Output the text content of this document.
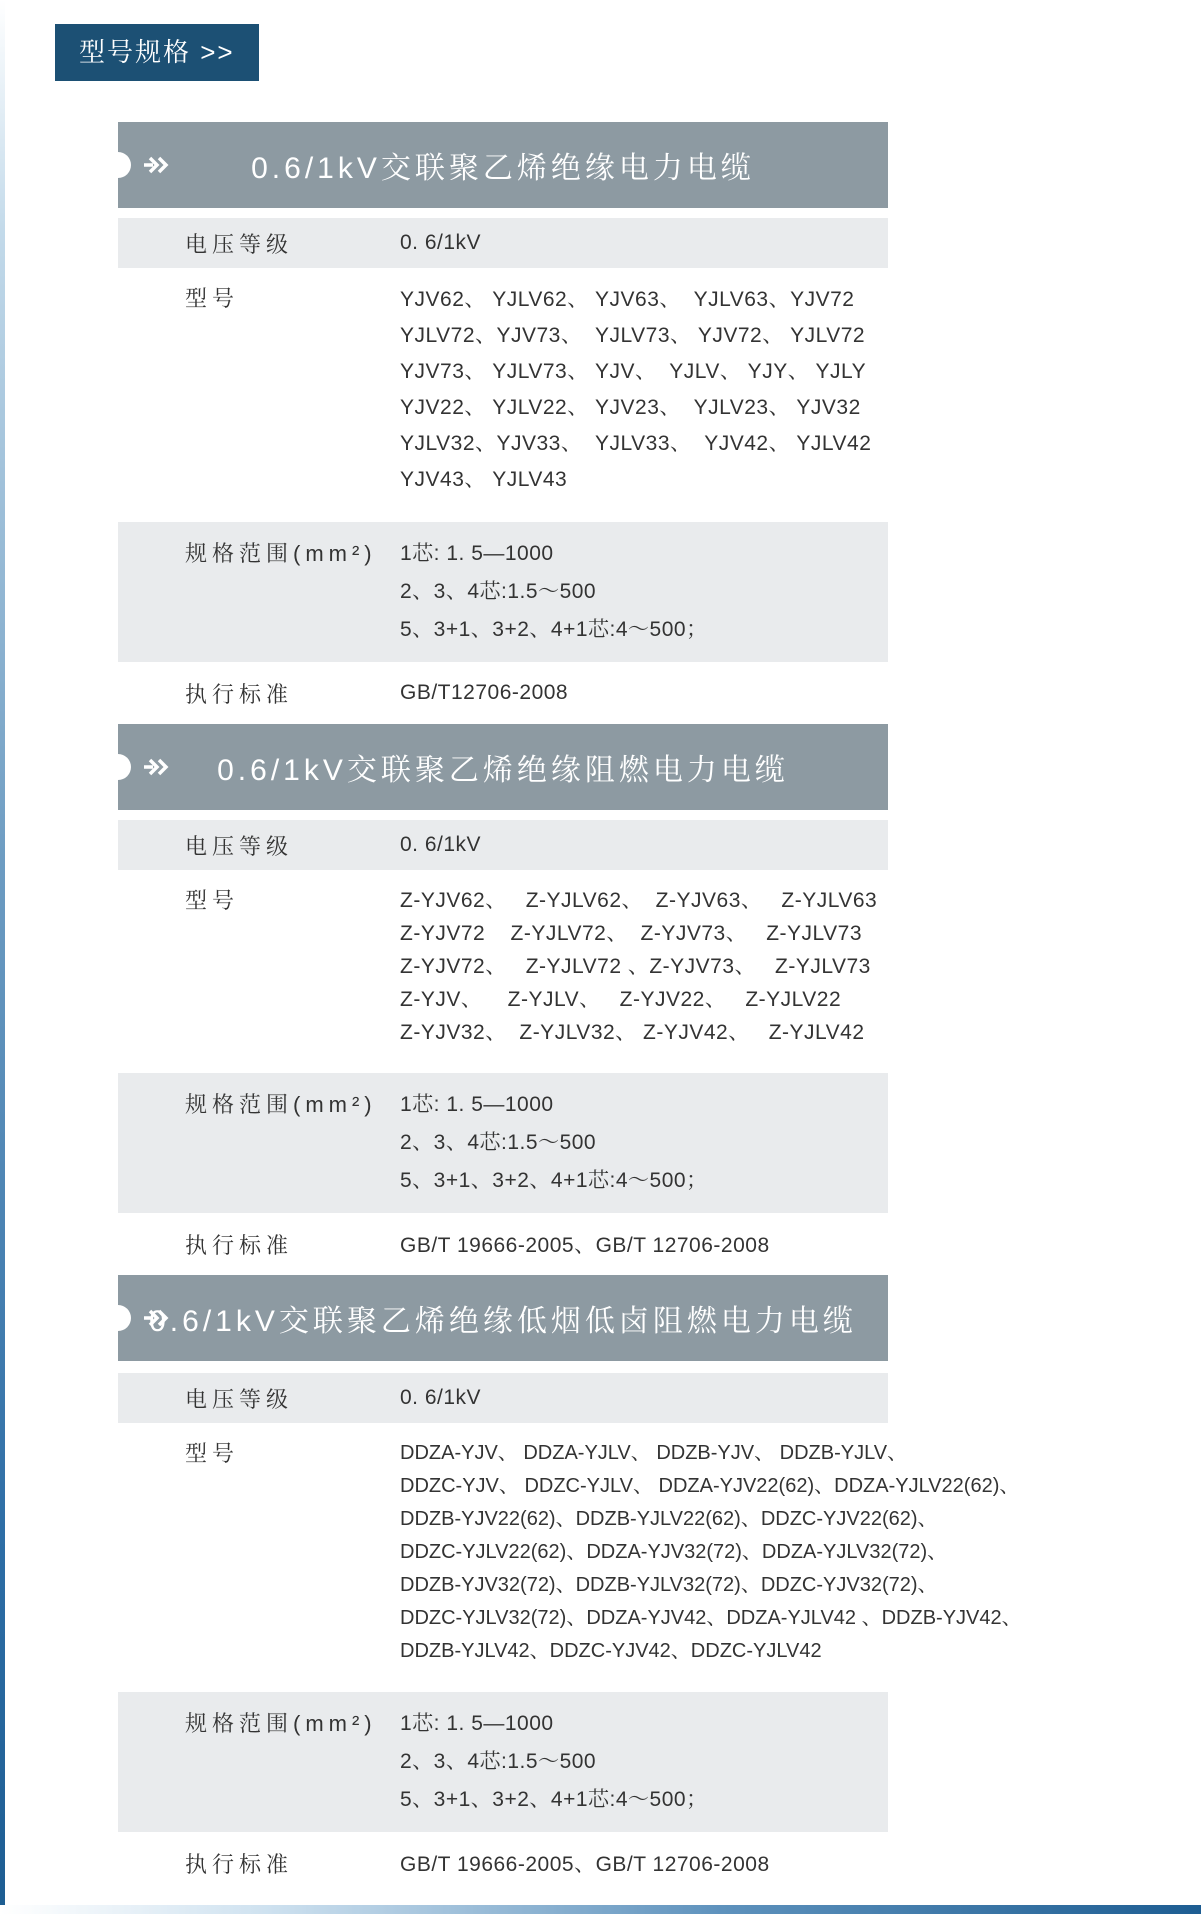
型号规格 >>
0.6/1kV交联聚乙烯绝缘电力电缆
电压等级	0. 6/1kV
型号	YJV62、 YJLV62、 YJV63、  YJLV63、YJV72
YJLV72、YJV73、  YJLV73、 YJV72、 YJLV72
YJV73、 YJLV73、 YJV、  YJLV、 YJY、 YJLY
YJV22、 YJLV22、 YJV23、  YJLV23、 YJV32
YJLV32、YJV33、  YJLV33、  YJV42、 YJLV42
YJV43、 YJLV43
规格范围(mm²)	1芯: 1. 5—1000
2、3、4芯:1.5～500
5、3+1、3+2、4+1芯:4～500；
执行标准	GB/T12706-2008
0.6/1kV交联聚乙烯绝缘阻燃电力电缆
电压等级	0. 6/1kV
型号	Z-YJV62、   Z-YJLV62、  Z-YJV63、   Z-YJLV63
Z-YJV72    Z-YJLV72、  Z-YJV73、   Z-YJLV73
Z-YJV72、   Z-YJLV72 、Z-YJV73、   Z-YJLV73
Z-YJV、    Z-YJLV、   Z-YJV22、   Z-YJLV22
Z-YJV32、  Z-YJLV32、 Z-YJV42、   Z-YJLV42
规格范围(mm²)	1芯: 1. 5—1000
2、3、4芯:1.5～500
5、3+1、3+2、4+1芯:4～500；
执行标准	GB/T 19666-2005、GB/T 12706-2008
0.6/1kV交联聚乙烯绝缘低烟低卤阻燃电力电缆
电压等级	0. 6/1kV
型号	DDZA-YJV、 DDZA-YJLV、 DDZB-YJV、 DDZB-YJLV、
DDZC-YJV、 DDZC-YJLV、 DDZA-YJV22(62)、DDZA-YJLV22(62)、
DDZB-YJV22(62)、DDZB-YJLV22(62)、DDZC-YJV22(62)、
DDZC-YJLV22(62)、DDZA-YJV32(72)、DDZA-YJLV32(72)、
DDZB-YJV32(72)、DDZB-YJLV32(72)、DDZC-YJV32(72)、
DDZC-YJLV32(72)、DDZA-YJV42、DDZA-YJLV42 、DDZB-YJV42、
DDZB-YJLV42、DDZC-YJV42、DDZC-YJLV42
规格范围(mm²)	1芯: 1. 5—1000
2、3、4芯:1.5～500
5、3+1、3+2、4+1芯:4～500；
执行标准	GB/T 19666-2005、GB/T 12706-2008
